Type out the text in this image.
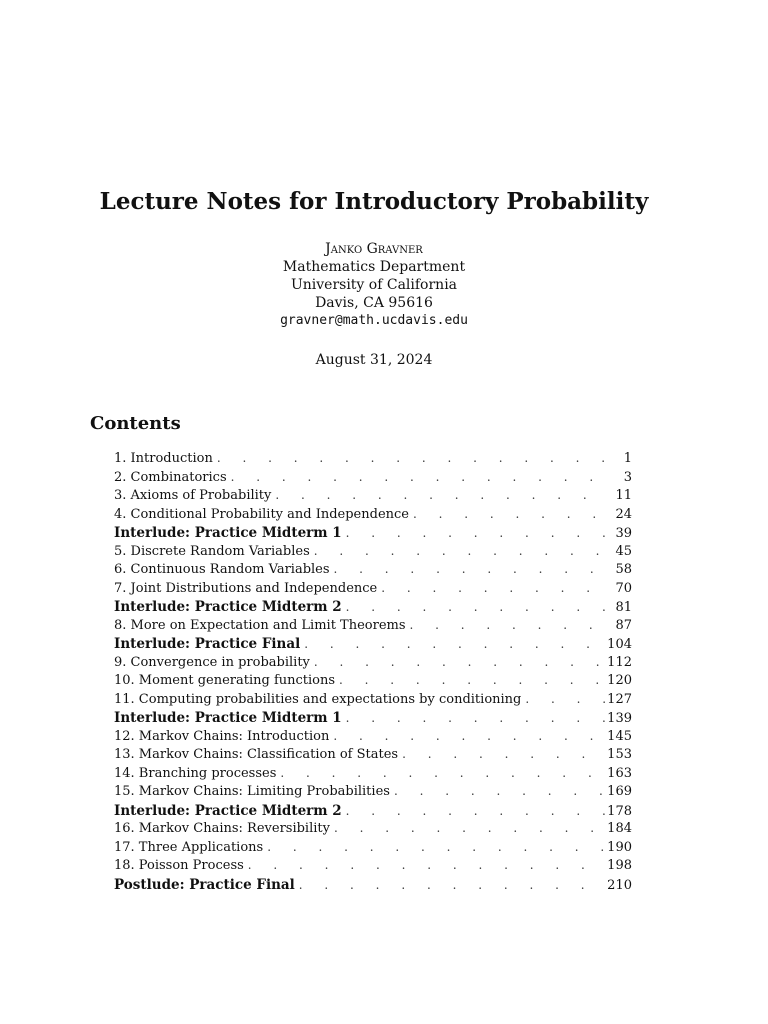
Lecture Notes for Introductory Probability
Janko Gravner
Mathematics Department
University of California
Davis, CA 95616
gravner@math.ucdavis.edu
August 31, 2024
Contents
1. Introduction . . .	1
2. Combinatorics . . .	3
3. Axioms of Probability . . .	11
4. Conditional Probability and Independence . . .	24
Interlude: Practice Midterm 1 . . .	39
5. Discrete Random Variables . . .	45
6. Continuous Random Variables . . .	58
7. Joint Distributions and Independence . . .	70
Interlude: Practice Midterm 2 . . .	81
8. More on Expectation and Limit Theorems . . .	87
Interlude: Practice Final . . .	104
9. Convergence in probability . . .	112
10. Moment generating functions . . .	120
11. Computing probabilities and expectations by conditioning . . .	127
Interlude: Practice Midterm 1 . . .	139
12. Markov Chains: Introduction . . .	145
13. Markov Chains: Classification of States . . .	153
14. Branching processes . . .	163
15. Markov Chains: Limiting Probabilities . . .	169
Interlude: Practice Midterm 2 . . .	178
16. Markov Chains: Reversibility . . .	184
17. Three Applications . . .	190
18. Poisson Process . . .	198
Postlude: Practice Final . . .	210
